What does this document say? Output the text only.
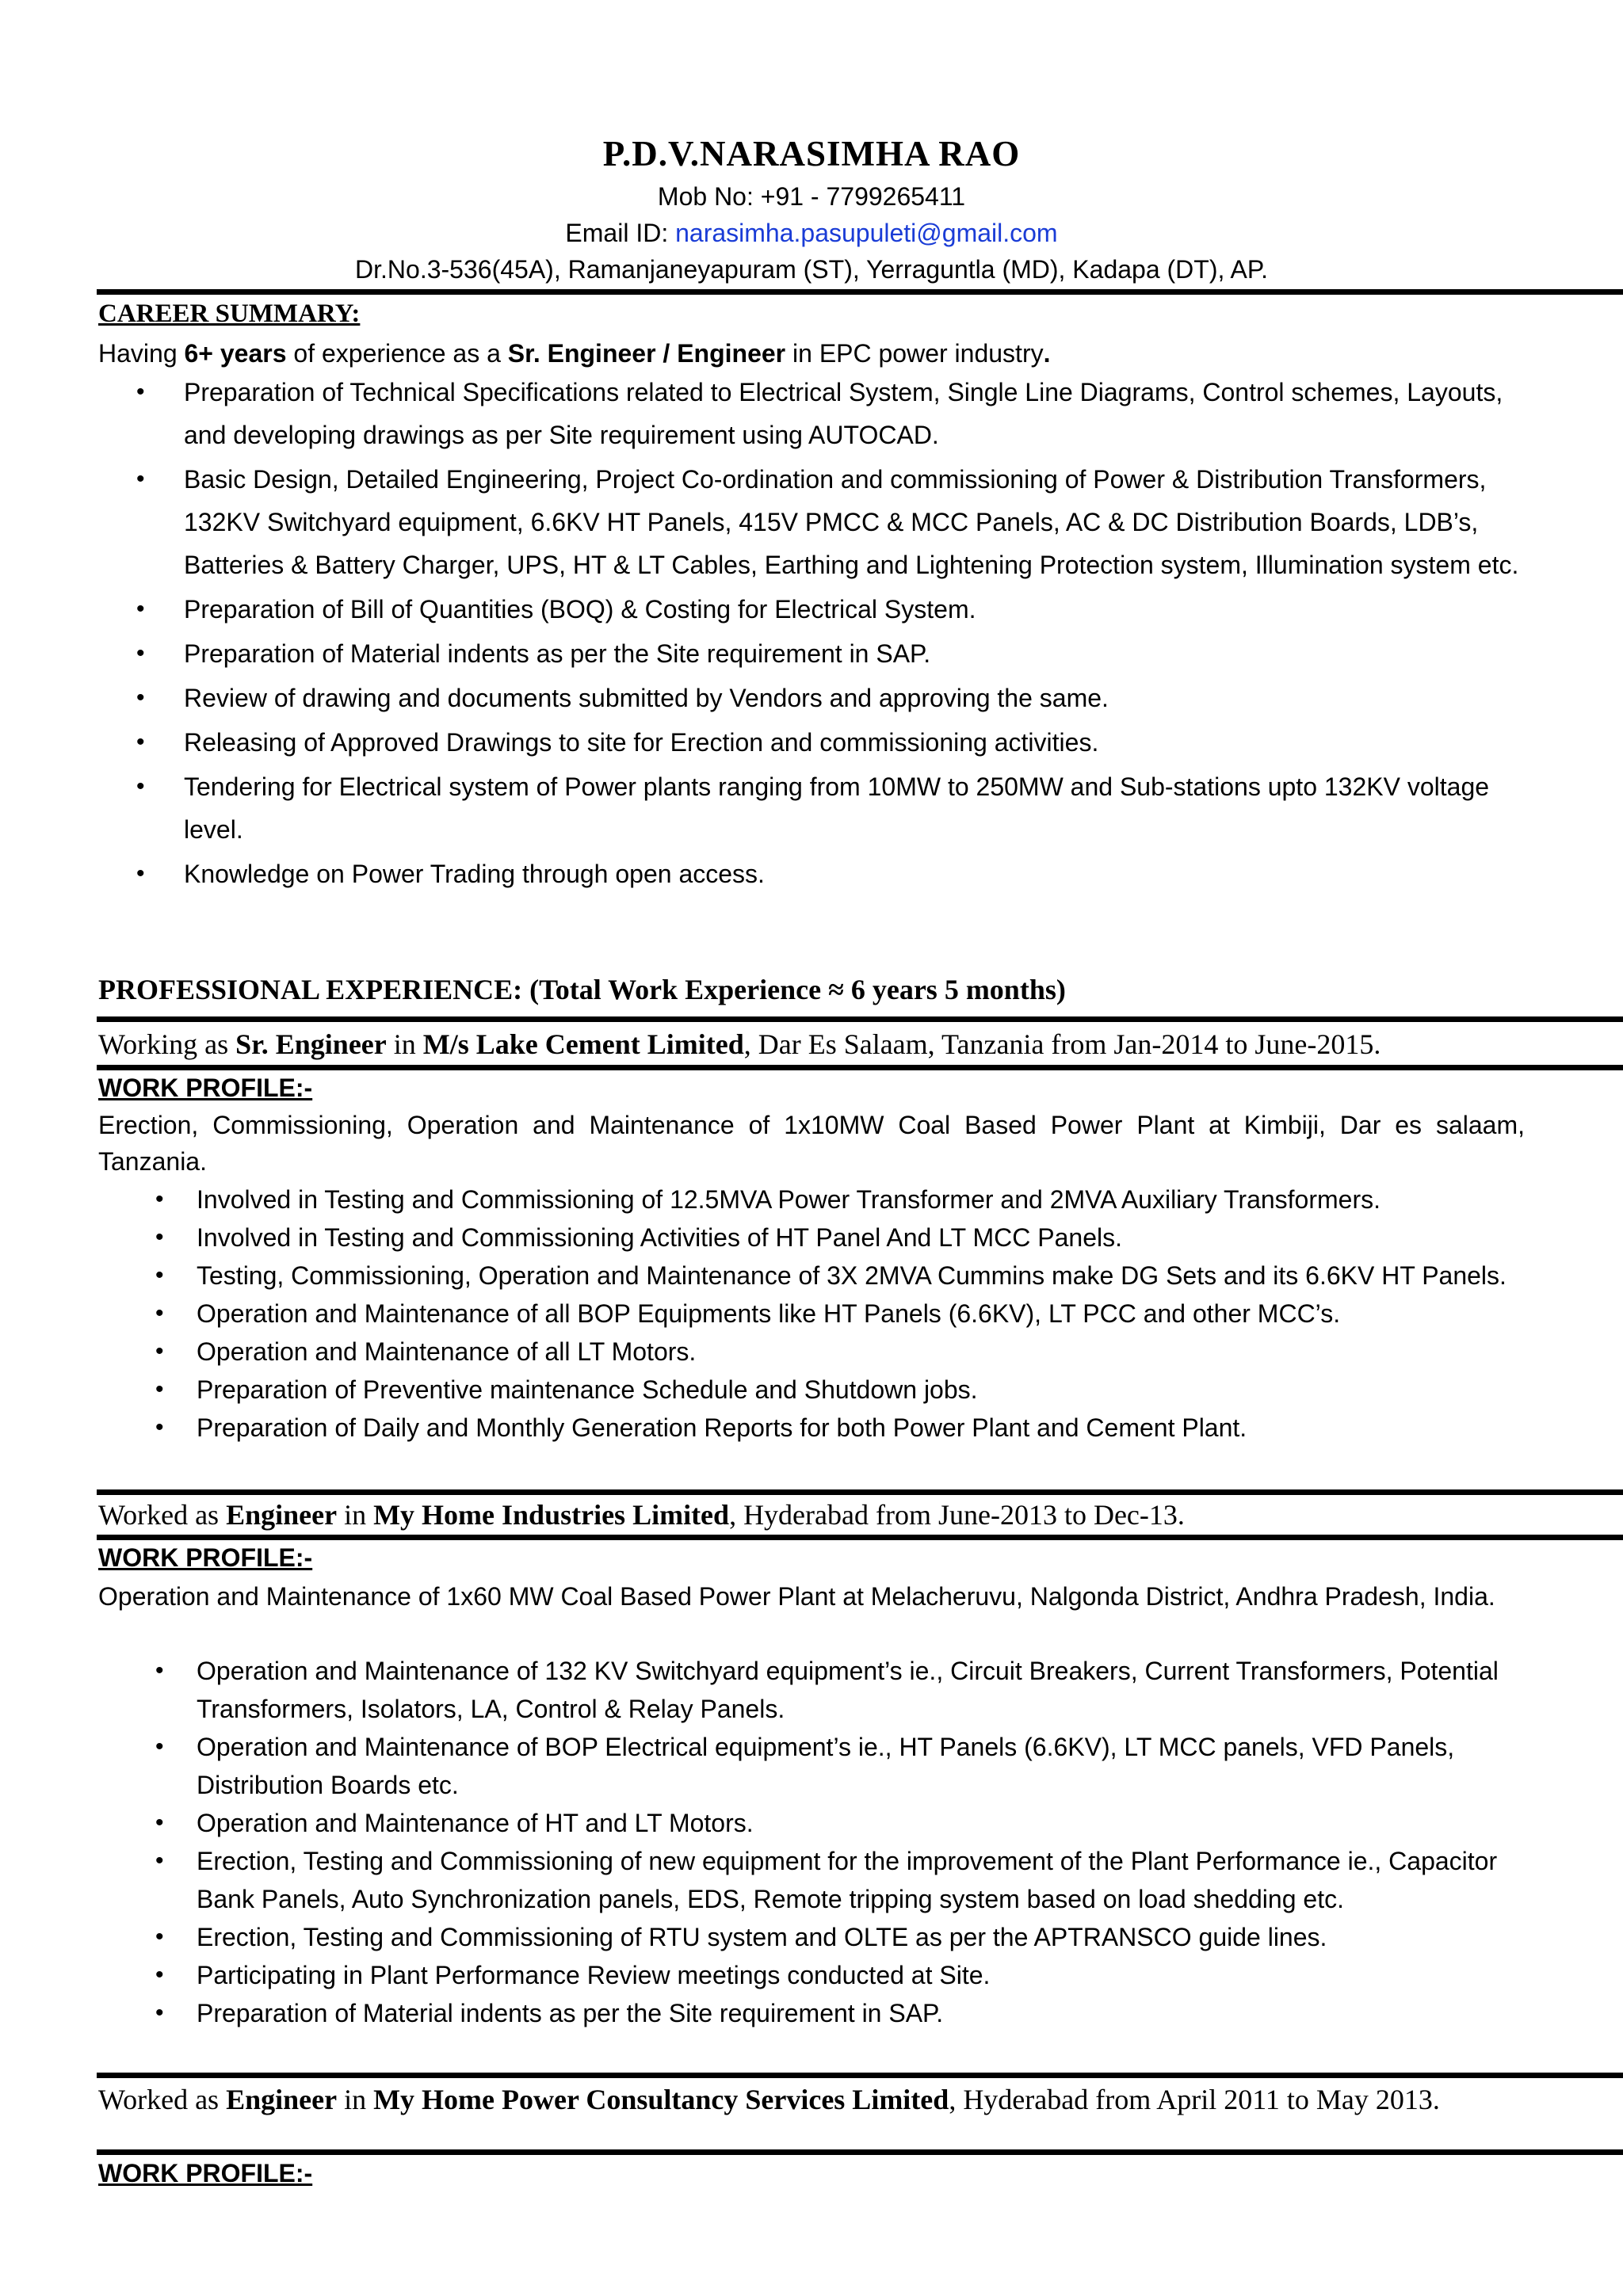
P.D.V.NARASIMHA RAO
Mob No: +91 - 7799265411
Email ID: narasimha.pasupuleti@gmail.com
Dr.No.3-536(45A), Ramanjaneyapuram (ST), Yerraguntla (MD), Kadapa (DT), AP.
CAREER SUMMARY:
Having 6+ years of experience as a Sr. Engineer / Engineer in EPC power industry.
• Preparation of Technical Specifications related to Electrical System, Single Line Diagrams, Control schemes, Layouts, and developing drawings as per Site requirement using AUTOCAD.
• Basic Design, Detailed Engineering, Project Co-ordination and commissioning of Power & Distribution Transformers, 132KV Switchyard equipment, 6.6KV HT Panels, 415V PMCC & MCC Panels, AC & DC Distribution Boards, LDB’s, Batteries & Battery Charger, UPS, HT & LT Cables, Earthing and Lightening Protection system, Illumination system etc.
• Preparation of Bill of Quantities (BOQ) & Costing for Electrical System.
• Preparation of Material indents as per the Site requirement in SAP.
• Review of drawing and documents submitted by Vendors and approving the same.
• Releasing of Approved Drawings to site for Erection and commissioning activities.
• Tendering for Electrical system of Power plants ranging from 10MW to 250MW and Sub-stations upto 132KV voltage level.
• Knowledge on Power Trading through open access.
PROFESSIONAL EXPERIENCE: (Total Work Experience ≈ 6 years 5 months)
Working as Sr. Engineer in M/s Lake Cement Limited, Dar Es Salaam, Tanzania from Jan-2014 to June-2015.
WORK PROFILE:-
Erection, Commissioning, Operation and Maintenance of 1x10MW Coal Based Power Plant at Kimbiji, Dar es salaam, Tanzania.
• Involved in Testing and Commissioning of 12.5MVA Power Transformer and 2MVA Auxiliary Transformers.
• Involved in Testing and Commissioning Activities of HT Panel And LT MCC Panels.
• Testing, Commissioning, Operation and Maintenance of 3X 2MVA Cummins make DG Sets and its 6.6KV HT Panels.
• Operation and Maintenance of all BOP Equipments like HT Panels (6.6KV), LT PCC and other MCC’s.
• Operation and Maintenance of all LT Motors.
• Preparation of Preventive maintenance Schedule and Shutdown jobs.
• Preparation of Daily and Monthly Generation Reports for both Power Plant and Cement Plant.
Worked as Engineer in My Home Industries Limited, Hyderabad from June-2013 to Dec-13.
WORK PROFILE:-
Operation and Maintenance of 1x60 MW Coal Based Power Plant at Melacheruvu, Nalgonda District, Andhra Pradesh, India.
• Operation and Maintenance of 132 KV Switchyard equipment’s ie., Circuit Breakers, Current Transformers, Potential Transformers, Isolators, LA, Control & Relay Panels.
• Operation and Maintenance of BOP Electrical equipment’s ie., HT Panels (6.6KV), LT MCC panels, VFD Panels, Distribution Boards etc.
• Operation and Maintenance of HT and LT Motors.
• Erection, Testing and Commissioning of new equipment for the improvement of the Plant Performance ie., Capacitor Bank Panels, Auto Synchronization panels, EDS, Remote tripping system based on load shedding etc.
• Erection, Testing and Commissioning of RTU system and OLTE as per the APTRANSCO guide lines.
• Participating in Plant Performance Review meetings conducted at Site.
• Preparation of Material indents as per the Site requirement in SAP.
Worked as Engineer in My Home Power Consultancy Services Limited, Hyderabad from April 2011 to May 2013.
WORK PROFILE:-
